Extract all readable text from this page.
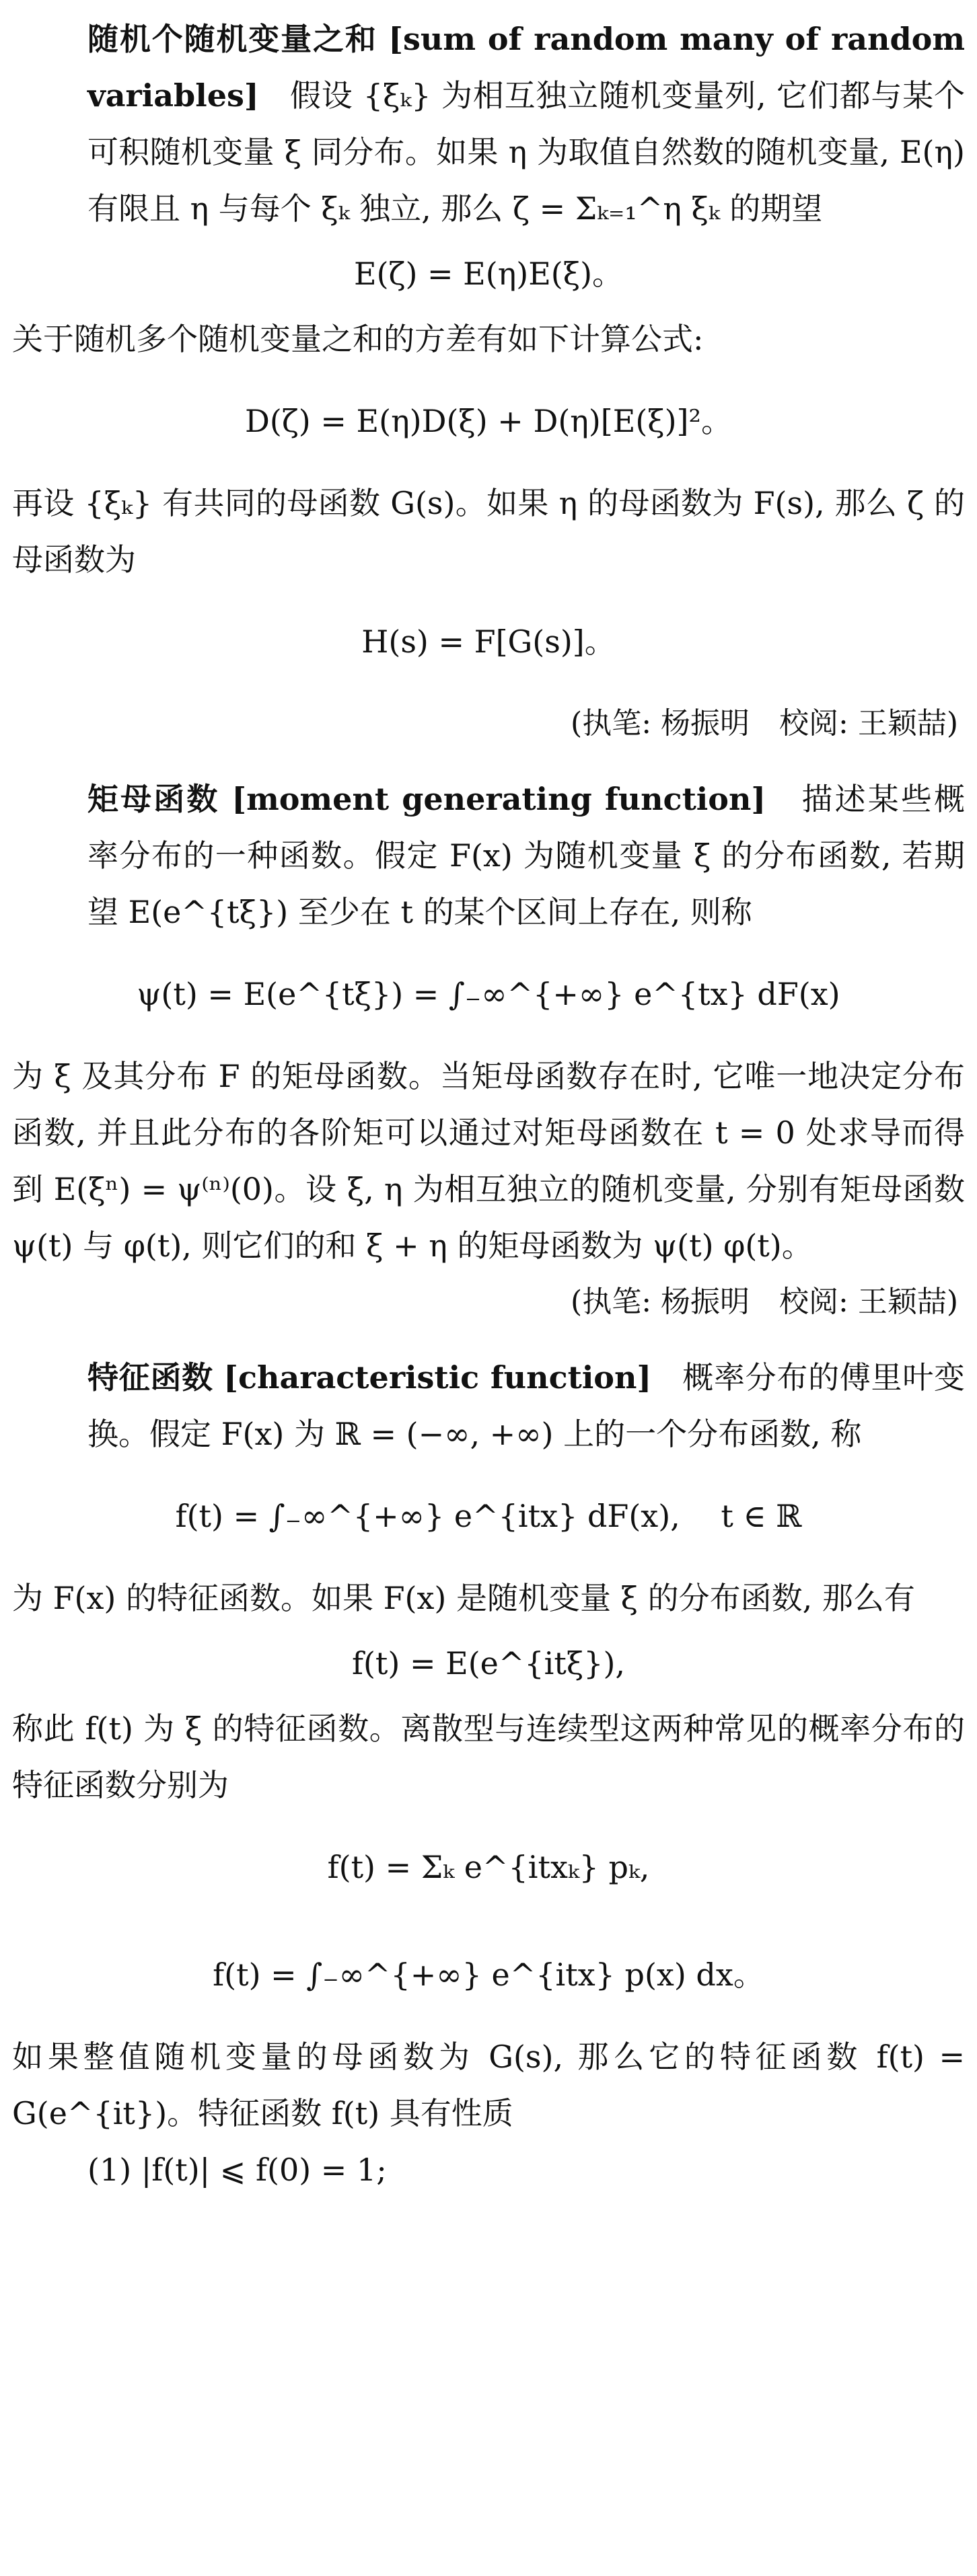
随机个随机变量之和 [sum of random many of random variables] 假设 {ξₖ} 为相互独立随机变量列, 它们都与某个可积随机变量 ξ 同分布。如果 η 为取值自然数的随机变量, E(η) 有限且 η 与每个 ξₖ 独立, 那么 ζ = Σₖ₌₁^η ξₖ 的期望

E(ζ) = E(η)E(ξ)。

关于随机多个随机变量之和的方差有如下计算公式:

D(ζ) = E(η)D(ξ) + D(η)[E(ξ)]²。

再设 {ξₖ} 有共同的母函数 G(s)。如果 η 的母函数为 F(s), 那么 ζ 的母函数为

H(s) = F[G(s)]。

(执笔: 杨振明　校阅: 王颖喆)

矩母函数 [moment generating function] 描述某些概率分布的一种函数。假定 F(x) 为随机变量 ξ 的分布函数, 若期望 E(e^{tξ}) 至少在 t 的某个区间上存在, 则称

ψ(t) = E(e^{tξ}) = ∫₋∞^{+∞} e^{tx} dF(x)

为 ξ 及其分布 F 的矩母函数。当矩母函数存在时, 它唯一地决定分布函数, 并且此分布的各阶矩可以通过对矩母函数在 t = 0 处求导而得到 E(ξⁿ) = ψ⁽ⁿ⁾(0)。设 ξ, η 为相互独立的随机变量, 分别有矩母函数 ψ(t) 与 φ(t), 则它们的和 ξ + η 的矩母函数为 ψ(t) φ(t)。

(执笔: 杨振明　校阅: 王颖喆)

特征函数 [characteristic function] 概率分布的傅里叶变换。假定 F(x) 为 ℝ = (−∞, +∞) 上的一个分布函数, 称

f(t) = ∫₋∞^{+∞} e^{itx} dF(x),　 t ∈ ℝ

为 F(x) 的特征函数。如果 F(x) 是随机变量 ξ 的分布函数, 那么有

f(t) = E(e^{itξ}),

称此 f(t) 为 ξ 的特征函数。离散型与连续型这两种常见的概率分布的特征函数分别为

f(t) = Σₖ e^{itxₖ} pₖ,

f(t) = ∫₋∞^{+∞} e^{itx} p(x) dx。

如果整值随机变量的母函数为 G(s), 那么它的特征函数 f(t) = G(e^{it})。特征函数 f(t) 具有性质

(1) |f(t)| ⩽ f(0) = 1;
